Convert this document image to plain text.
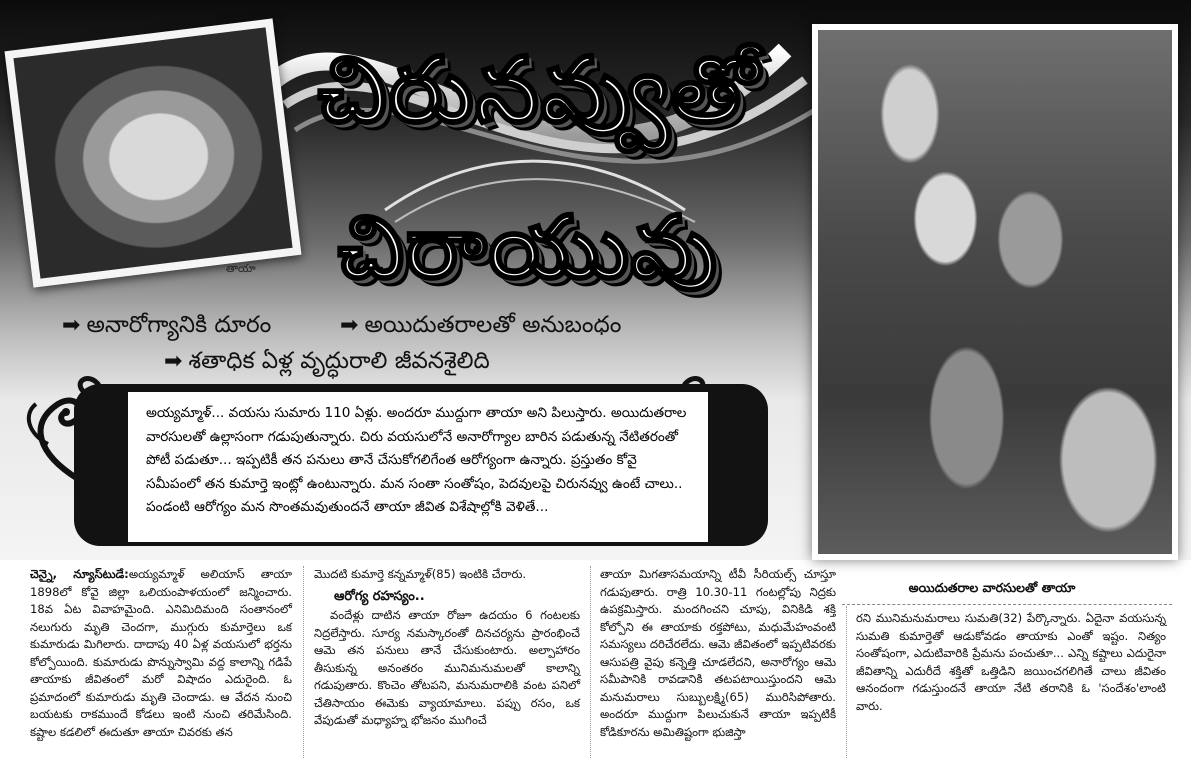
తాయా
చిరునవ్వుతో
చిరాయువు
➡ అనారోగ్యానికి దూరం	➡ అయిదుతరాలతో అనుబంధం
➡ శతాధిక ఏళ్ల వృద్ధురాలి జీవనశైలిది
అయ్యమ్మాళ్... వయసు సుమారు 110 ఏళ్లు. అందరూ ముద్దుగా తాయా అని పిలుస్తారు. అయిదుతరాల వారసులతో ఉల్లాసంగా గడుపుతున్నారు. చిరు వయసులోనే అనారోగ్యాల బారిన పడుతున్న నేటితరంతో పోటీ పడుతూ... ఇప్పటికీ తన పనులు తానే చేసుకోగలిగేంత ఆరోగ్యంగా ఉన్నారు. ప్రస్తుతం కోవై సమీపంలో తన కుమార్తె ఇంట్లో ఉంటున్నారు. మన సంతా సంతోషం, పెదవులపై చిరునవ్వు ఉంటే చాలు.. పండంటి ఆరోగ్యం మన సొంతమవుతుందనే తాయా జీవిత విశేషాల్లోకి వెళితే...
అయిదుతరాల వారసులతో తాయా

చెన్నై, న్యూస్‌టుడే:అయ్యమ్మాళ్ అలియాస్ తాయా 1898లో కోవై జిల్లా ఒలియంపాళయంలో జన్మించారు. 18వ ఏట వివాహమైంది. ఎనిమిదిమంది సంతానంలో నలుగురు మృతి చెందగా, ముగ్గురు కుమార్తెలు ఒక కుమారుడు మిగిలారు. దాదాపు 40 ఏళ్ల వయసులో భర్తను కోల్పోయింది. కుమారుడు పొన్నుస్వామి వద్ద కాలాన్ని గడిపే తాయాకు జీవితంలో మరో విషాదం ఎదురైంది. ఓ ప్రమాదంలో కుమారుడు మృతి చెందాడు. ఆ వేదన నుంచి బయటకు రాకముందే కోడలు ఇంటి నుంచి తరిమేసింది. కష్టాల కడలిలో ఈదుతూ తాయా చివరకు తన

మొదటి కుమార్తె కన్నమ్మాళ్(85) ఇంటికి చేరారు.

ఆరోగ్య రహస్యం..

వందేళ్లు దాటిన తాయా రోజూ ఉదయం 6 గంటలకు నిద్రలేస్తారు. సూర్య నమస్కారంతో దినచర్యను ప్రారంభించే ఆమె తన పనులు తానే చేసుకుంటారు. అల్పాహారం తీసుకున్న అనంతరం మునిమనుమలతో కాలాన్ని గడుపుతారు. కొంచెం తోటపని, మనుమరాలికి వంట పనిలో చేతిసాయం ఈమెకు వ్యాయామాలు. పప్పు రసం, ఒక వేపుడుతో మధ్యాహ్న భోజనం ముగించే

తాయా మిగతాసమయాన్ని టీవీ సీరియల్స్ చూస్తూ గడుపుతారు. రాత్రి 10.30-11 గంటల్లోపు నిద్రకు ఉపక్రమిస్తారు. మందగించని చూపు, వినికిడి శక్తి కోల్పోని ఈ తాయాకు రక్తపోటు, మధుమేహంవంటి సమస్యలు దరిచేరలేదు. ఆమె జీవితంలో ఇప్పటివరకు ఆసుపత్రి వైపు కన్నెత్తి చూడలేదని, అనారోగ్యం ఆమె సమీపానికి రావడానికి తటపటాయిస్తుందని ఆమె మనుమరాలు సుబ్బులక్ష్మి(65) మురిసిపోతారు. అందరూ ముద్దుగా పిలుచుకునే తాయా ఇప్పటికీ కోడికూరను అమితిష్టంగా భుజిస్తా

రని మునిమనుమరాలు సుమతి(32) పేర్కొన్నారు. ఏదైనా వయసున్న సుమతి కుమార్తెతో ఆడుకోవడం తాయాకు ఎంతో ఇష్టం. నిత్యం సంతోషంగా, ఎదుటివారికి ప్రేమను పంచుతూ... ఎన్ని కష్టాలు ఎదురైనా జీవితాన్ని ఎదురీదే శక్తితో ఒత్తిడిని జయించగలిగితే చాలు జీవితం ఆనందంగా గడుస్తుందనే తాయా నేటి తరానికి ఓ 'సందేశం'లాంటి వారు.
